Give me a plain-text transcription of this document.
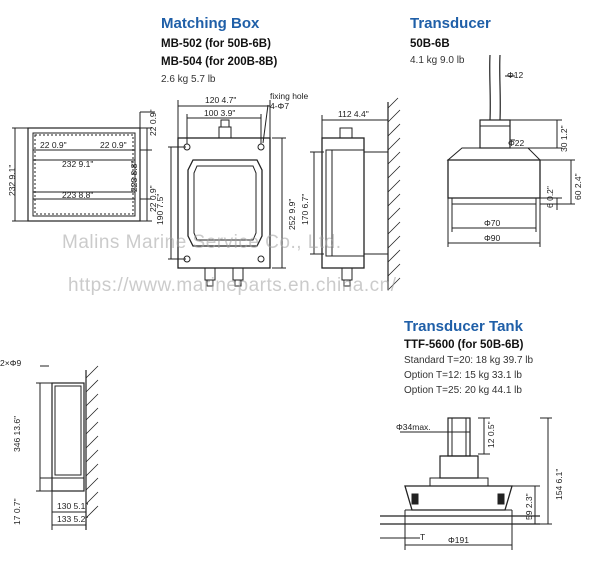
Malins Marine Service Co., Ltd.
https://www.marineparts.en.china.cn/
Matching Box
MB-502 (for 50B-6B)
MB-504 (for 200B-8B)
2.6 kg 5.7 lb
fixing hole
4-Φ7
120 4.7"
100 3.9"
190 7.5"	252 9.9"
112 4.4"
170 6.7"
Transducer
50B-6B
4.1 kg 9.0 lb
Φ12
Φ22	30 1.2"
60 2.4"
6 0.2"
Φ70
Φ90
22 0.9"	22 0.9"
232 9.1"
223 8.8"
232 9.1"
22 0.9"
22 0.9"
223 8.8"
2×Φ9
346 13.6"
17 0.7"	130 5.1"
133 5.2"
Transducer Tank
TTF-5600 (for 50B-6B)
Standard T=20: 18 kg 39.7 lb
Option T=12: 15 kg 33.1 lb
Option T=25: 20 kg 44.1 lb
Φ34max.	12 0.5"
154 6.1"
59 2.3"
T	Φ191
